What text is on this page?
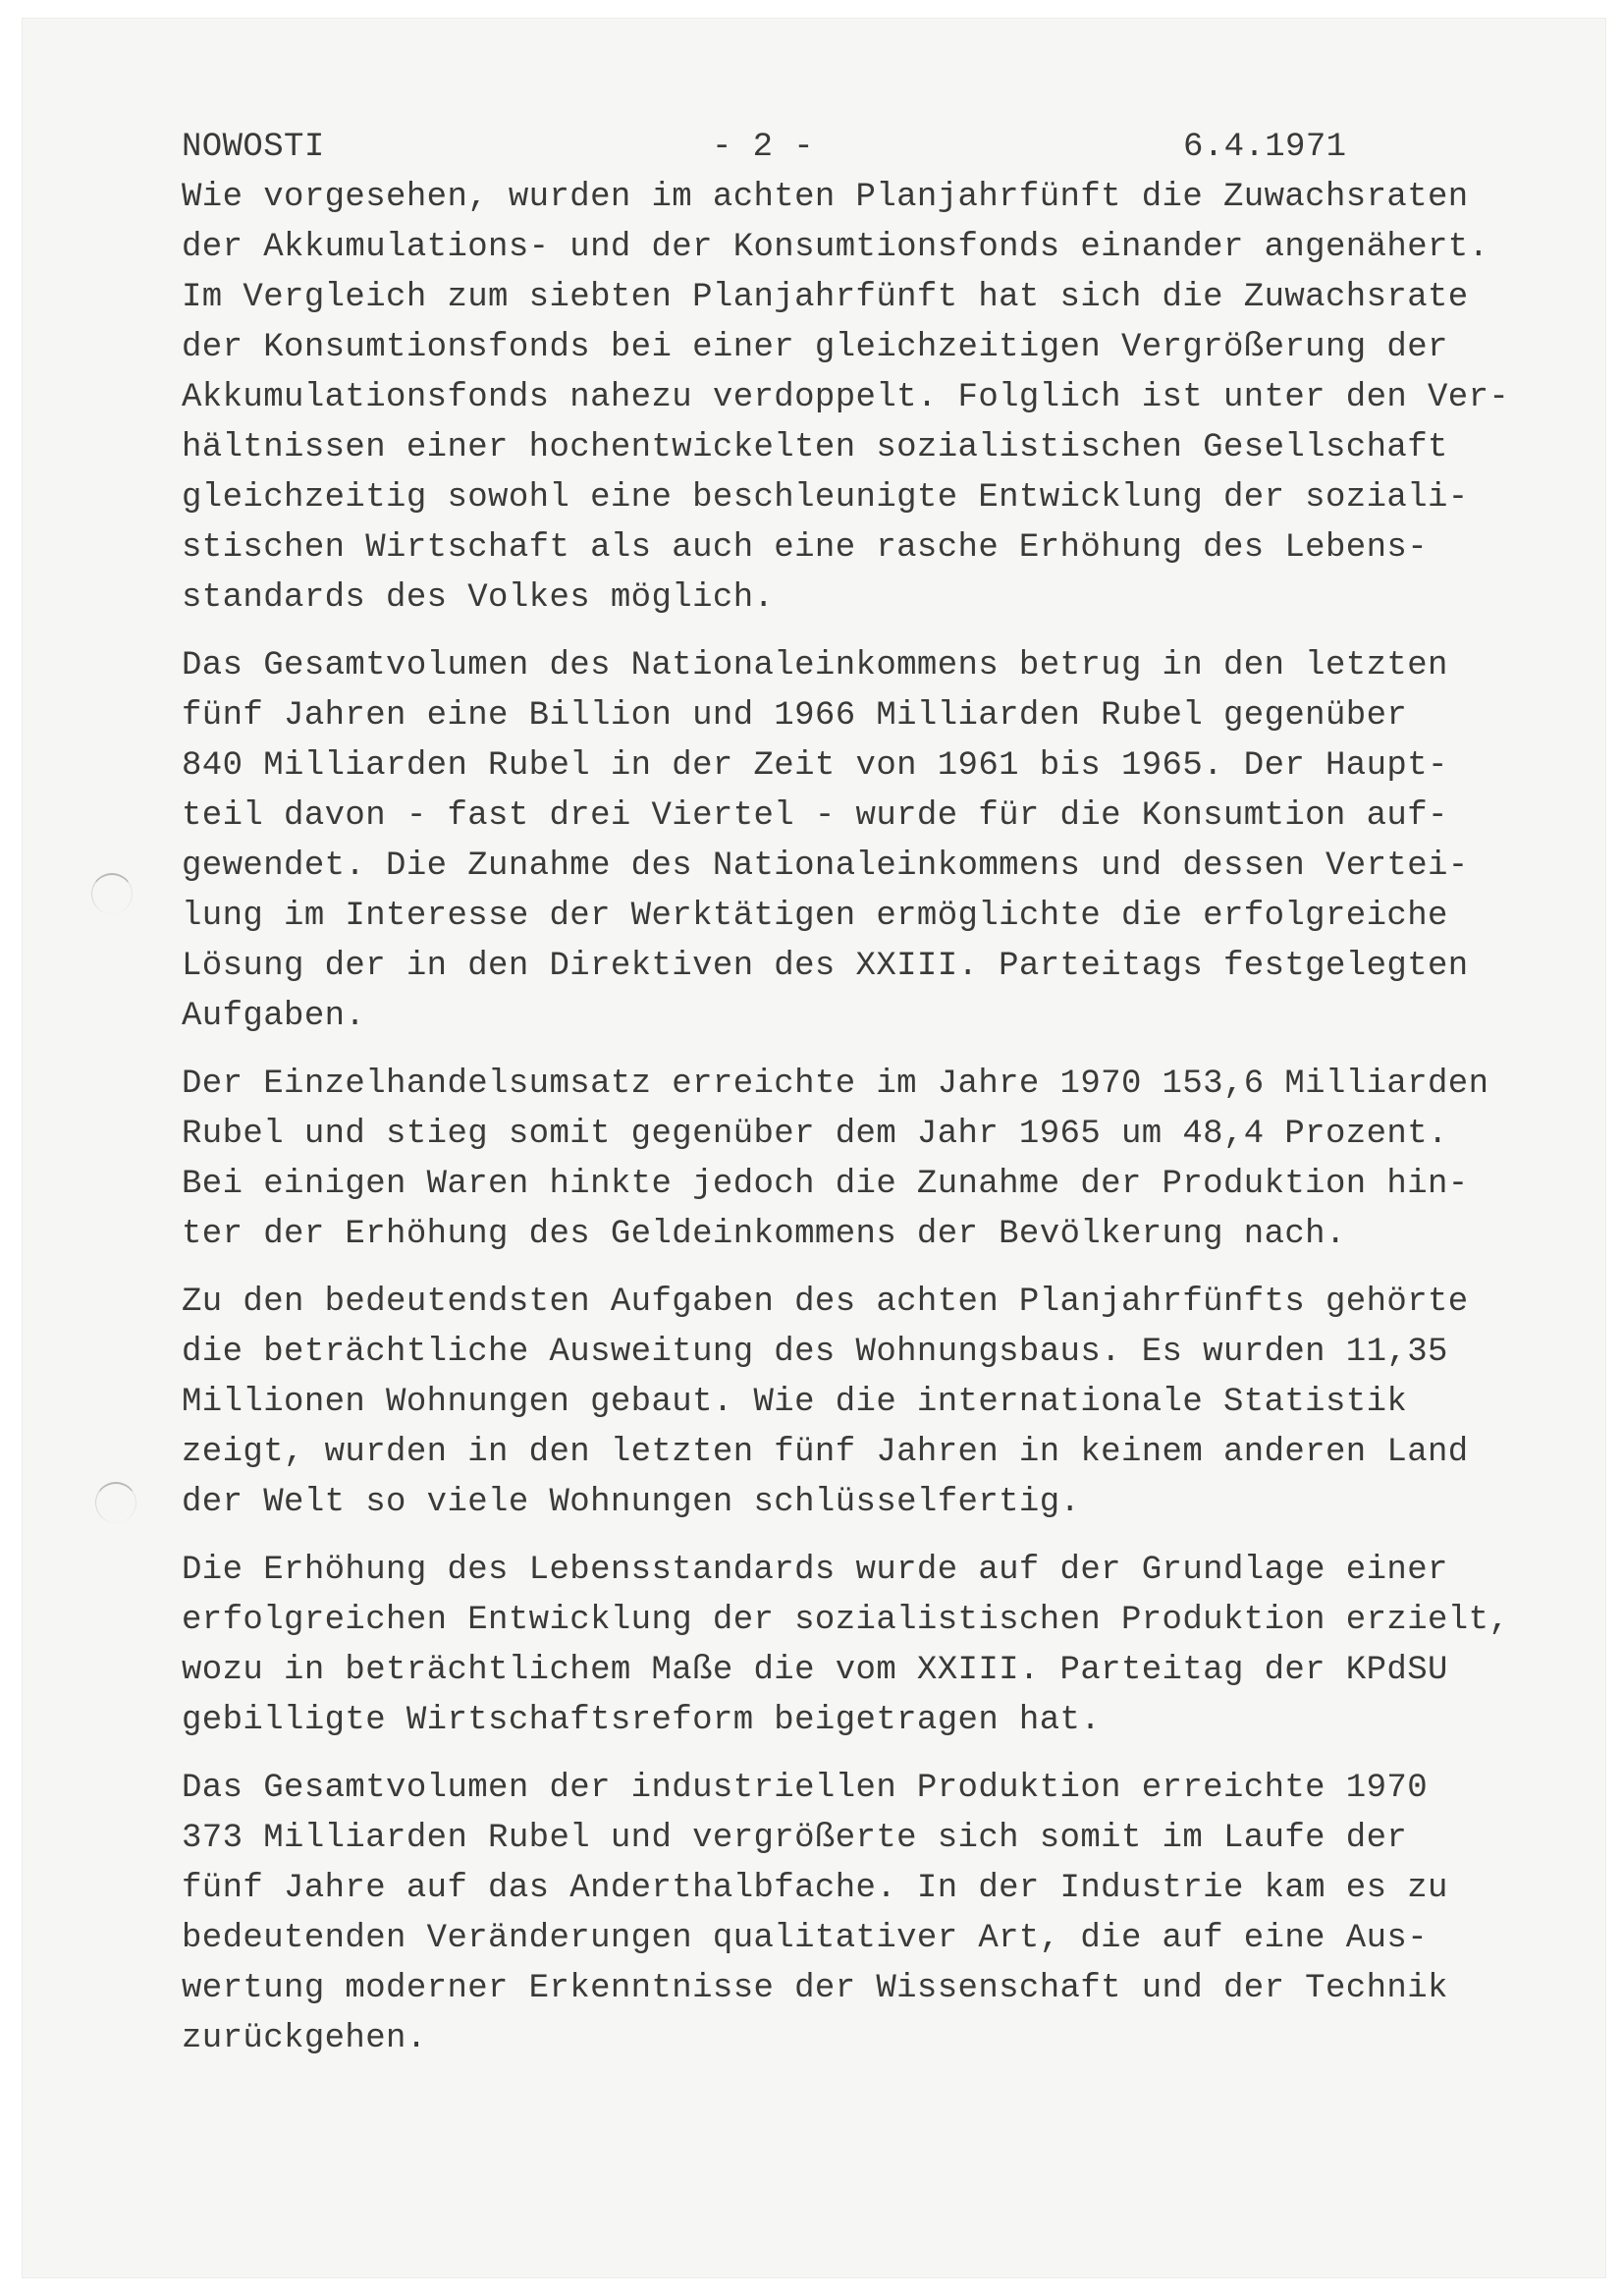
NOWOSTI

	- 2 -

	6.4.1971

Wie vorgesehen, wurden im achten Planjahrfünft die Zuwachsraten
der Akkumulations- und der Konsumtionsfonds einander angenähert.
Im Vergleich zum siebten Planjahrfünft hat sich die Zuwachsrate
der Konsumtionsfonds bei einer gleichzeitigen Vergrößerung der
Akkumulationsfonds nahezu verdoppelt. Folglich ist unter den Ver-
hältnissen einer hochentwickelten sozialistischen Gesellschaft
gleichzeitig sowohl eine beschleunigte Entwicklung der soziali-
stischen Wirtschaft als auch eine rasche Erhöhung des Lebens-
standards des Volkes möglich.
Das Gesamtvolumen des Nationaleinkommens betrug in den letzten
fünf Jahren eine Billion und 1966 Milliarden Rubel gegenüber
840 Milliarden Rubel in der Zeit von 1961 bis 1965. Der Haupt-
teil davon - fast drei Viertel - wurde für die Konsumtion auf-
gewendet. Die Zunahme des Nationaleinkommens und dessen Vertei-
lung im Interesse der Werktätigen ermöglichte die erfolgreiche
Lösung der in den Direktiven des XXIII. Parteitags festgelegten
Aufgaben.
Der Einzelhandelsumsatz erreichte im Jahre 1970 153,6 Milliarden
Rubel und stieg somit gegenüber dem Jahr 1965 um 48,4 Prozent.
Bei einigen Waren hinkte jedoch die Zunahme der Produktion hin-
ter der Erhöhung des Geldeinkommens der Bevölkerung nach.
Zu den bedeutendsten Aufgaben des achten Planjahrfünfts gehörte
die beträchtliche Ausweitung des Wohnungsbaus. Es wurden 11,35
Millionen Wohnungen gebaut. Wie die internationale Statistik
zeigt, wurden in den letzten fünf Jahren in keinem anderen Land
der Welt so viele Wohnungen schlüsselfertig.
Die Erhöhung des Lebensstandards wurde auf der Grundlage einer
erfolgreichen Entwicklung der sozialistischen Produktion erzielt,
wozu in beträchtlichem Maße die vom XXIII. Parteitag der KPdSU
gebilligte Wirtschaftsreform beigetragen hat.
Das Gesamtvolumen der industriellen Produktion erreichte 1970
373 Milliarden Rubel und vergrößerte sich somit im Laufe der
fünf Jahre auf das Anderthalbfache. In der Industrie kam es zu
bedeutenden Veränderungen qualitativer Art, die auf eine Aus-
wertung moderner Erkenntnisse der Wissenschaft und der Technik
zurückgehen.
